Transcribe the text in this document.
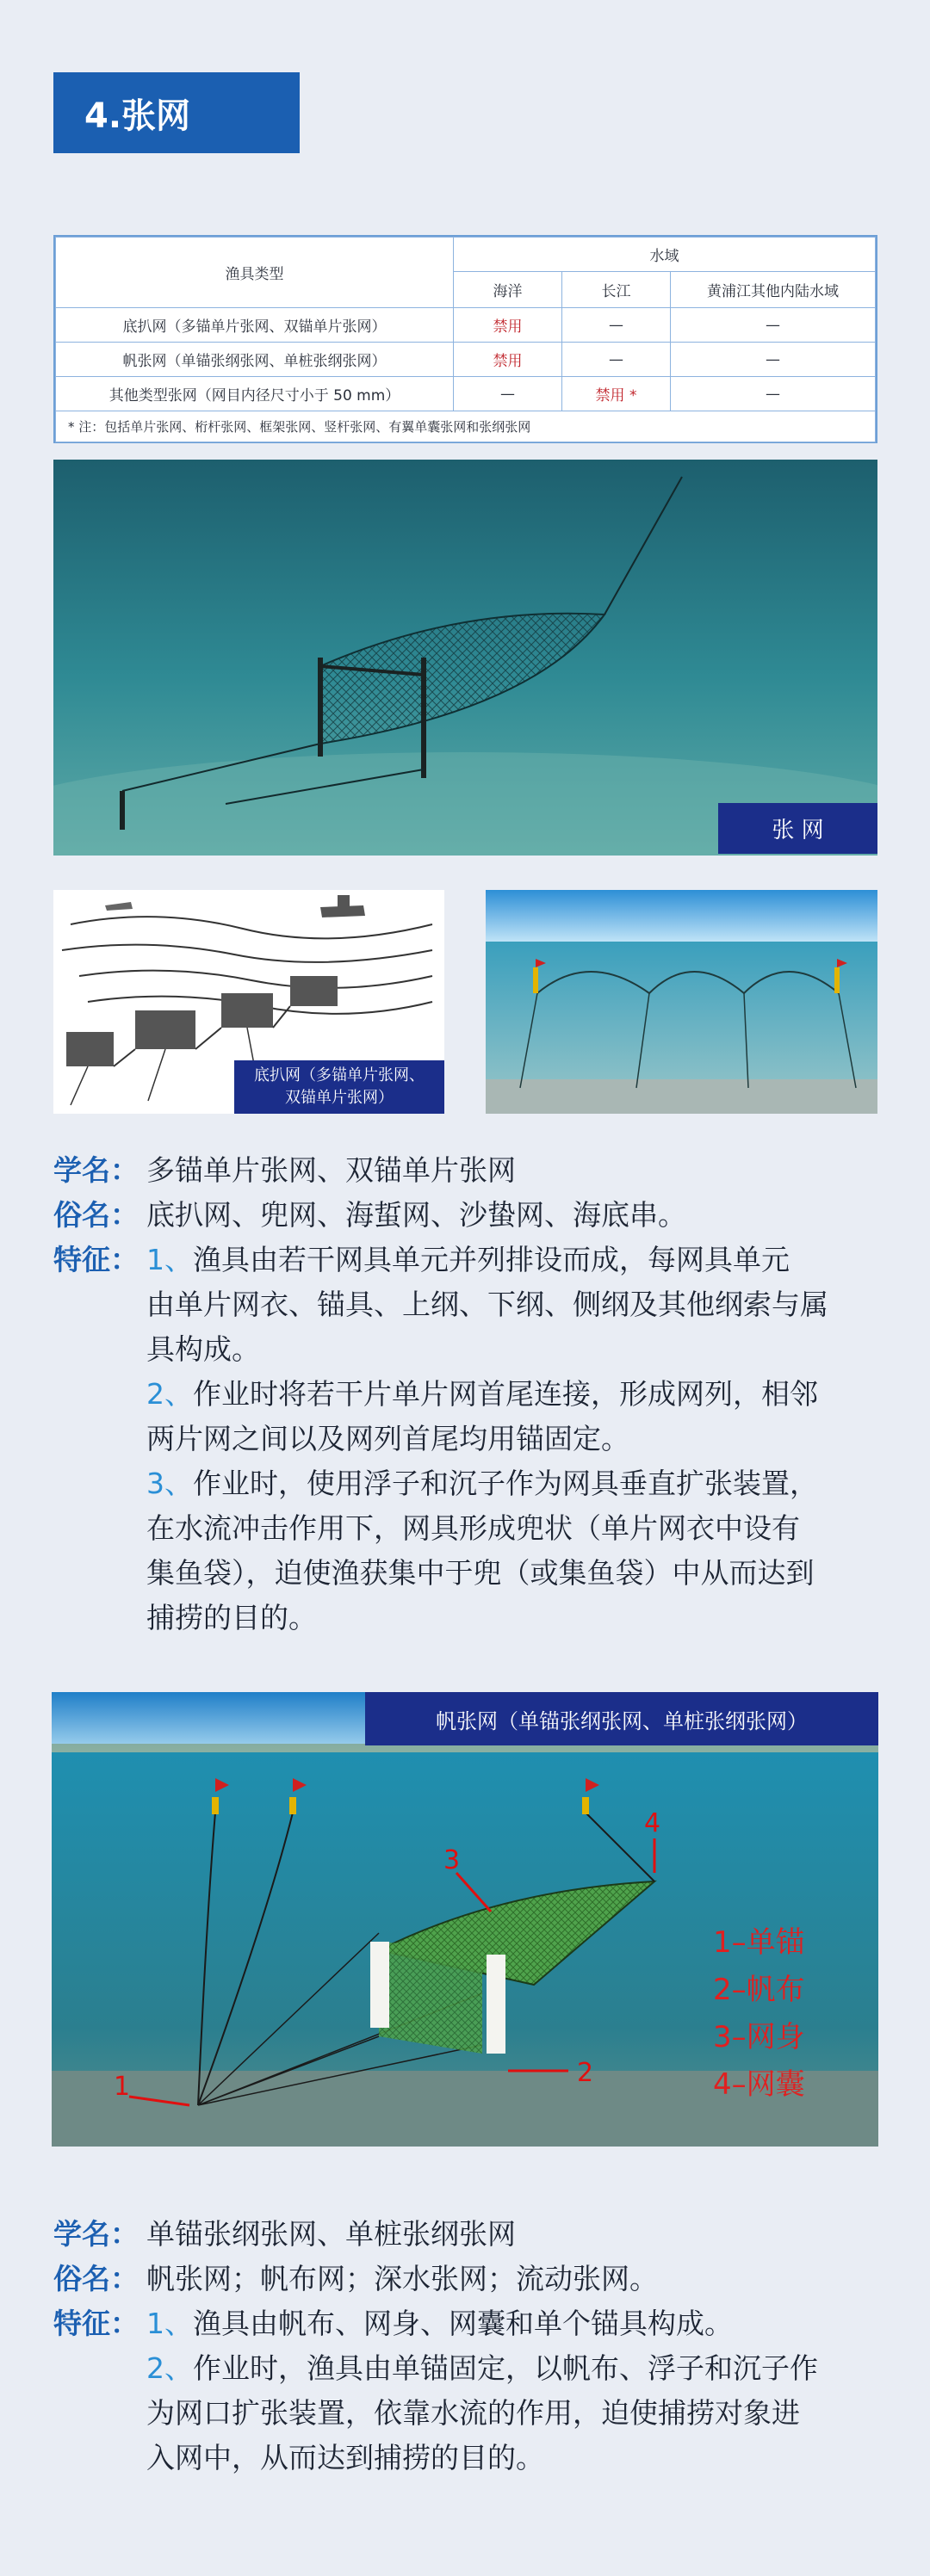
4.张网
渔具类型	水域		
	海洋	长江	黄浦江其他内陆水域
底扒网（多锚单片张网、双锚单片张网）	禁用	—	—
帆张网（单锚张纲张网、单桩张纲张网）	禁用	—	—
其他类型张网（网目内径尺寸小于 50 mm）	—	禁用 *	—
* 注：包括单片张网、桁杆张网、框架张网、竖杆张网、有翼单囊张网和张纲张网			
张 网
底扒网（多锚单片张网、
双锚单片张网）
学名： 多锚单片张网、双锚单片张网
俗名： 底扒网、兜网、海蜇网、沙蛰网、海底串。
特征： 1、渔具由若干网具单元并列排设而成，每网具单元
由单片网衣、锚具、上纲、下纲、侧纲及其他纲索与属
具构成。
2、作业时将若干片单片网首尾连接，形成网列，相邻
两片网之间以及网列首尾均用锚固定。
3、作业时，使用浮子和沉子作为网具垂直扩张装置，
在水流冲击作用下，网具形成兜状（单片网衣中设有
集鱼袋），迫使渔获集中于兜（或集鱼袋）中从而达到
捕捞的目的。
1	2
3
4
1–单锚
2–帆布
3–网身
4–网囊
帆张网（单锚张纲张网、单桩张纲张网）
学名： 单锚张纲张网、单桩张纲张网
俗名： 帆张网；帆布网；深水张网；流动张网。
特征： 1、渔具由帆布、网身、网囊和单个锚具构成。
2、作业时，渔具由单锚固定，以帆布、浮子和沉子作
为网口扩张装置，依靠水流的作用，迫使捕捞对象进
入网中，从而达到捕捞的目的。
